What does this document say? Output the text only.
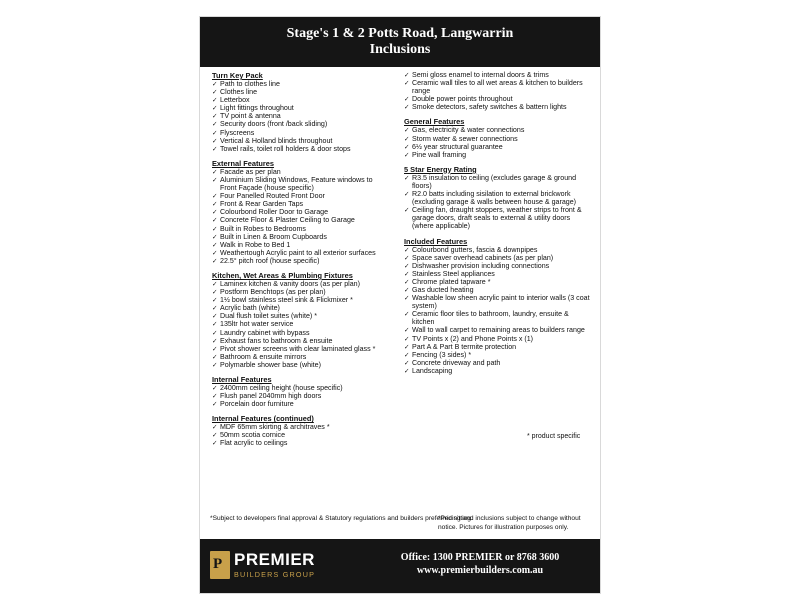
Stage's 1 & 2 Potts Road, Langwarrin
Inclusions
Turn Key Pack
✓ Path to clothes line
✓ Clothes line
✓ Letterbox
✓ Light fittings throughout
✓ TV point & antenna
✓ Security doors (front /back sliding)
✓ Flyscreens
✓ Vertical & Holland blinds throughout
✓ Towel rails, toilet roll holders & door stops
External Features
✓ Facade as per plan
✓ Aluminium Sliding Windows, Feature windows to Front Façade (house specific)
✓ Four Panelled Routed Front Door
✓ Front & Rear Garden Taps
✓ Colourbond Roller Door to Garage
✓ Concrete Floor & Plaster Ceiling to Garage
✓ Built in Robes to Bedrooms
✓ Built in Linen & Broom Cupboards
✓ Walk in Robe to Bed 1
✓ Weathertough Acrylic paint to all exterior surfaces
✓ 22.5° pitch roof (house specific)
Kitchen, Wet Areas & Plumbing Fixtures
✓ Laminex kitchen & vanity doors (as per plan)
✓ Postform Benchtops (as per plan)
✓ 1½ bowl stainless steel sink & Flickmixer *
✓ Acrylic bath (white)
✓ Dual flush toilet suites (white) *
✓ 135ltr hot water service
✓ Laundry cabinet with bypass
✓ Exhaust fans to bathroom & ensuite
✓ Pivot shower screens with clear laminated glass *
✓ Bathroom & ensuite mirrors
✓ Polymarble shower base (white)
Internal Features
✓ 2400mm ceiling height (house specific)
✓ Flush panel 2040mm high doors
✓ Porcelain door furniture
Internal Features (continued)
✓ MDF 65mm skirting & architraves *
✓ 50mm scotia cornice
✓ Flat acrylic to ceilings
✓ Semi gloss enamel to internal doors & trims
✓ Ceramic wall tiles to all wet areas & kitchen to builders range
✓ Double power points throughout
✓ Smoke detectors, safety switches & battern lights
General Features
✓ Gas, electricity & water connections
✓ Storm water & sewer connections
✓ 6½ year structural guarantee
✓ Pine wall framing
5 Star Energy Rating
✓ R3.5 insulation to ceiling (excludes garage & ground floors)
✓ R2.0 batts including sisilation to external brickwork (excluding garage & walls between house & garage)
✓ Ceiling fan, draught stoppers, weather strips to front & garage doors, draft seals to external & utility doors (where applicable)
Included Features
✓ Colourbond gutters, fascia & downpipes
✓ Space saver overhead cabinets (as per plan)
✓ Dishwasher provision including connections
✓ Stainless Steel appliances
✓ Chrome plated tapware *
✓ Gas ducted heating
✓ Washable low sheen acrylic paint to interior walls (3 coat system)
✓ Ceramic floor tiles to bathroom, laundry, ensuite & kitchen
✓ Wall to wall carpet to remaining areas to builders range
✓ TV Points x (2) and Phone Points x (1)
✓ Part A & Part B termite protection
✓ Fencing (3 sides) *
✓ Concrete driveway and path
✓ Landscaping
* product specific
*Subject to developers final approval & Statutory regulations and builders preferred sitting.
*Pricing and inclusions subject to change without notice. Pictures for illustration purposes only.
P PREMIER
BUILDERS GROUP
Office: 1300 PREMIER or 8768 3600
www.premierbuilders.com.au
